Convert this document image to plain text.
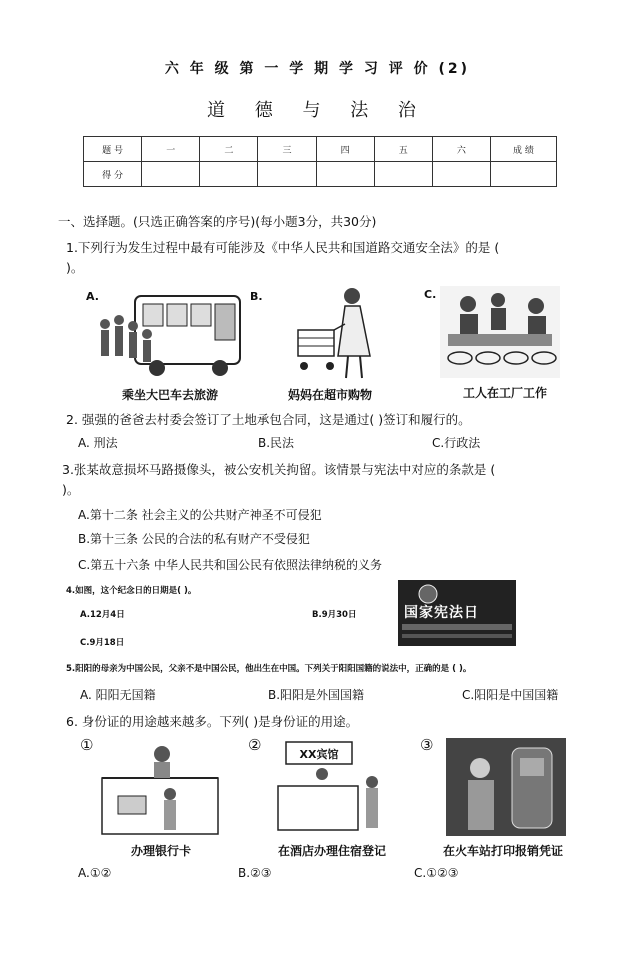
六 年 级 第 一 学 期 学 习 评 价 (2)
道 德 与 法 治
题 号	一	二	三	四	五	六	成 绩
得 分							
一、选择题。(只选正确答案的序号)(每小题3分，共30分)
1.下列行为发生过程中最有可能涉及《中华人民共和国道路交通安全法》的是 (
)。
A.
乘坐大巴车去旅游
B.
妈妈在超市购物
C.
工人在工厂工作
2. 强强的爸爸去村委会签订了土地承包合同，这是通过( )签订和履行的。
A. 刑法	B.民法	C.行政法
3.张某故意损坏马路摄像头，被公安机关拘留。该情景与宪法中对应的条款是 (
)。
A.第十二条 社会主义的公共财产神圣不可侵犯
B.第十三条 公民的合法的私有财产不受侵犯
C.第五十六条 中华人民共和国公民有依照法律纳税的义务
4.如图，这个纪念日的日期是( )。
A.12月4日	B.9月30日
C.9月18日
国家宪法日
5.阳阳的母亲为中国公民，父亲不是中国公民，他出生在中国。下列关于阳阳国籍的说法中，正确的是 ( )。
A. 阳阳无国籍	B.阳阳是外国国籍	C.阳阳是中国国籍
6. 身份证的用途越来越多。下列( )是身份证的用途。
①
办理银行卡
②
XX宾馆
在酒店办理住宿登记
③
在火车站打印报销凭证
A.①②	B.②③	C.①②③
